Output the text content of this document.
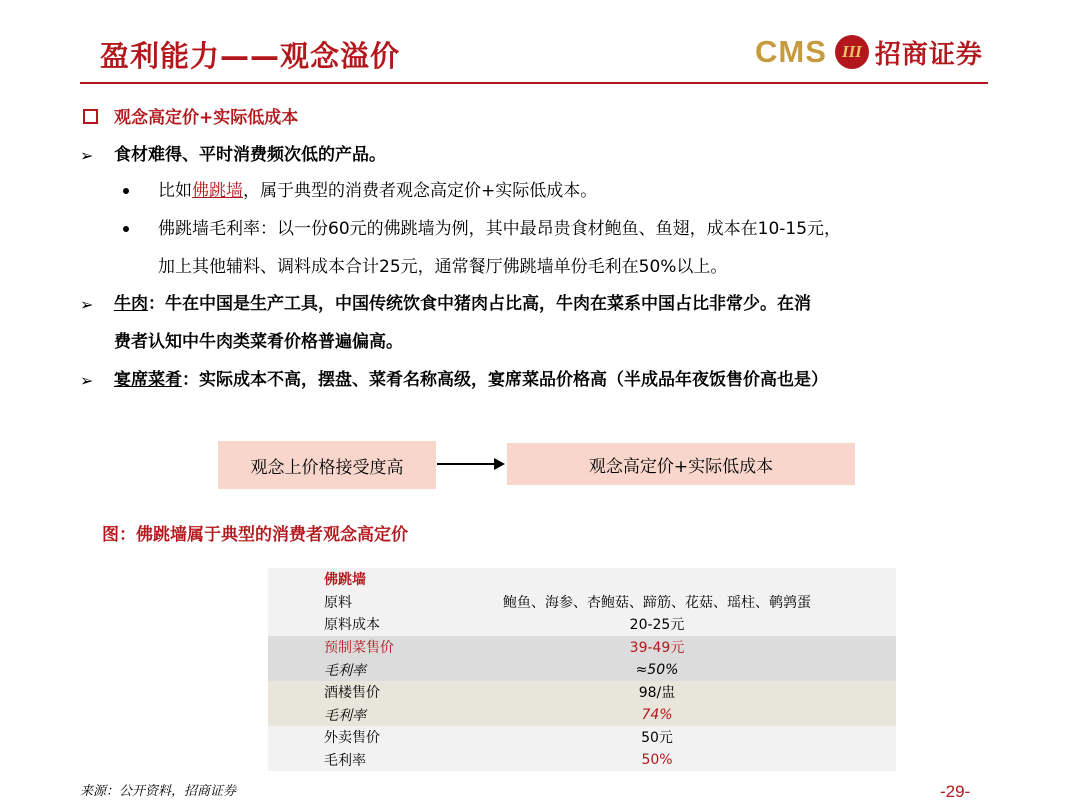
盈利能力——观念溢价	CMS III 招商证券
观念高定价+实际低成本
➢ 食材难得、平时消费频次低的产品。
比如佛跳墙，属于典型的消费者观念高定价+实际低成本。
佛跳墙毛利率：以一份60元的佛跳墙为例，其中最昂贵食材鲍鱼、鱼翅，成本在10-15元，
加上其他辅料、调料成本合计25元，通常餐厅佛跳墙单份毛利在50%以上。
➢ 牛肉：牛在中国是生产工具，中国传统饮食中猪肉占比高，牛肉在菜系中国占比非常少。在消
费者认知中牛肉类菜肴价格普遍偏高。
➢ 宴席菜肴：实际成本不高，摆盘、菜肴名称高级，宴席菜品价格高（半成品年夜饭售价高也是）
观念上价格接受度高	观念高定价+实际低成本
图：佛跳墙属于典型的消费者观念高定价
佛跳墙
原料	鲍鱼、海参、杏鲍菇、蹄筋、花菇、瑶柱、鹌鹑蛋
原料成本	20-25元
预制菜售价	39-49元
毛利率	≈50%
酒楼售价	98/盅
毛利率	74%
外卖售价	50元
毛利率	50%
来源：公开资料，招商证券	-29-
